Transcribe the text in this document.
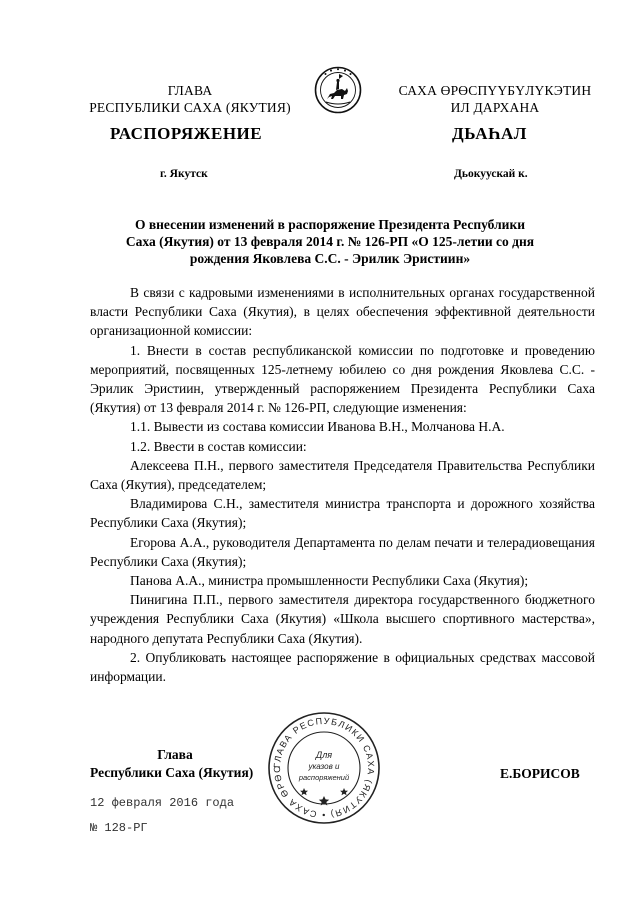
ГЛАВА
РЕСПУБЛИКИ САХА (ЯКУТИЯ)
САХА ӨРӨСПҮҮБҮЛҮКЭТИН
ИЛ ДАРХАНА
РАСПОРЯЖЕНИЕ	ДЬАҺАЛ
г. Якутск	Дьокуускай к.
О внесении изменений в распоряжение Президента Республики
Саха (Якутия) от 13 февраля 2014 г. № 126-РП «О 125-летии со дня
рождения Яковлева С.С. - Эрилик Эристиин»

В связи с кадровыми изменениями в исполнительных органах государственной власти Республики Саха (Якутия), в целях обеспечения эффективной деятельности организационной комиссии:

1. Внести в состав республиканской комиссии по подготовке и проведению мероприятий, посвященных 125-летнему юбилею со дня рождения Яковлева С.С. - Эрилик Эристиин, утвержденный распоряжением Президента Республики Саха (Якутия) от 13 февраля 2014 г. № 126-РП, следующие изменения:

1.1. Вывести из состава комиссии Иванова В.Н., Молчанова Н.А.

1.2. Ввести в состав комиссии:

Алексеева П.Н., первого заместителя Председателя Правительства Республики Саха (Якутия), председателем;

Владимирова С.Н., заместителя министра транспорта и дорожного хозяйства Республики Саха (Якутия);

Егорова А.А., руководителя Департамента по делам печати и телерадиовещания Республики Саха (Якутия);

Панова А.А., министра промышленности Республики Саха (Якутия);

Пинигина П.П., первого заместителя директора государственного бюджетного учреждения Республики Саха (Якутия) «Школа высшего спортивного мастерства», народного депутата Республики Саха (Якутия).

2. Опубликовать настоящее распоряжение в официальных средствах массовой информации.

Глава
Республики Саха (Якутия)	Е.БОРИСОВ
ГЛАВА РЕСПУБЛИКИ САХА (ЯКУТИЯ) • САХА ӨРӨС
Для
указов и
распоряжений
12 февраля 2016 года
№ 128-РГ
